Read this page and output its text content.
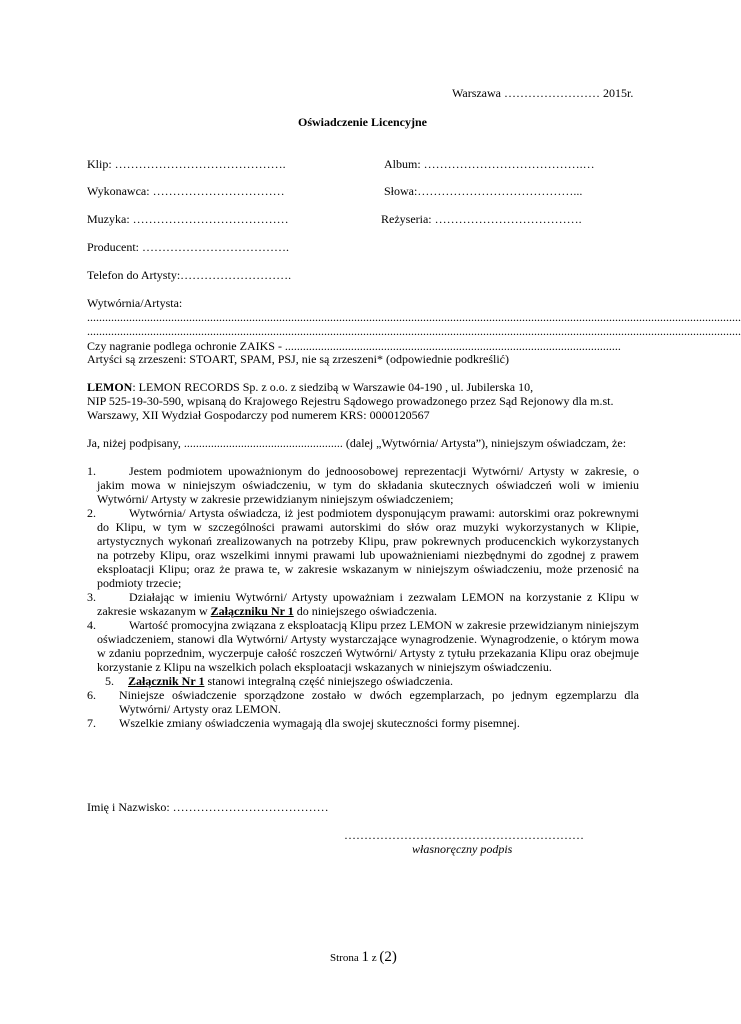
Warszawa …………………… 2015r.
Oświadczenie Licencyjne
Klip: …………………………………….	Album: ………………………………….…
Wykonawca: ……………………………	Słowa:…………………………………...
Muzyka: …………………………………	Reżyseria: ……………………………….
Producent: ……………………………….
Telefon do Artysty:……………………….
Wytwórnia/Artysta:
..........................................................................................................................................................................................................................
..........................................................................................................................................................................................................................
Czy nagranie podlega ochronie ZAIKS - ................................................................................................................
Artyści są zrzeszeni: STOART, SPAM, PSJ, nie są zrzeszeni* (odpowiednie podkreślić)
LEMON: LEMON RECORDS Sp. z o.o. z siedzibą w Warszawie 04-190 , ul. Jubilerska 10,
NIP 525-19-30-590, wpisaną do Krajowego Rejestru Sądowego prowadzonego przez Sąd Rejonowy dla m.st.
Warszawy, XII Wydział Gospodarczy pod numerem KRS: 0000120567
Ja, niżej podpisany, ..................................................... (dalej „Wytwórnia/ Artysta”), niniejszym oświadczam, że:
1.	Jestem podmiotem upoważnionym do jednoosobowej reprezentacji Wytwórni/ Artysty w zakresie, o jakim mowa w niniejszym oświadczeniu, w tym do składania skutecznych oświadczeń woli w imieniu Wytwórni/ Artysty w zakresie przewidzianym niniejszym oświadczeniem;
2.	Wytwórnia/ Artysta oświadcza, iż jest podmiotem dysponującym prawami: autorskimi oraz pokrewnymi do Klipu, w tym w szczególności prawami autorskimi do słów oraz muzyki wykorzystanych w Klipie, artystycznych wykonań zrealizowanych na potrzeby Klipu, praw pokrewnych producenckich wykorzystanych na potrzeby Klipu, oraz wszelkimi innymi prawami lub upoważnieniami niezbędnymi do zgodnej z prawem eksploatacji Klipu; oraz że prawa te, w zakresie wskazanym w niniejszym oświadczeniu, może przenosić na podmioty trzecie;
3.	Działając w imieniu Wytwórni/ Artysty upoważniam i zezwalam LEMON na korzystanie z Klipu w zakresie wskazanym w Załączniku Nr 1 do niniejszego oświadczenia.
4.	Wartość promocyjna związana z eksploatacją Klipu przez LEMON w zakresie przewidzianym niniejszym oświadczeniem, stanowi dla Wytwórni/ Artysty wystarczające wynagrodzenie. Wynagrodzenie, o którym mowa w zdaniu poprzednim, wyczerpuje całość roszczeń Wytwórni/ Artysty z tytułu przekazania Klipu oraz obejmuje korzystanie z Klipu na wszelkich polach eksploatacji wskazanych w niniejszym oświadczeniu.
5. Załącznik Nr 1 stanowi integralną część niniejszego oświadczenia.
6.	Niniejsze oświadczenie sporządzone zostało w dwóch egzemplarzach, po jednym egzemplarzu dla Wytwórni/ Artysty oraz LEMON.
7.	Wszelkie zmiany oświadczenia wymagają dla swojej skuteczności formy pisemnej.
Imię i Nazwisko: …………………………………
……………………………………………………
własnoręczny podpis
Strona 1 z (2)
